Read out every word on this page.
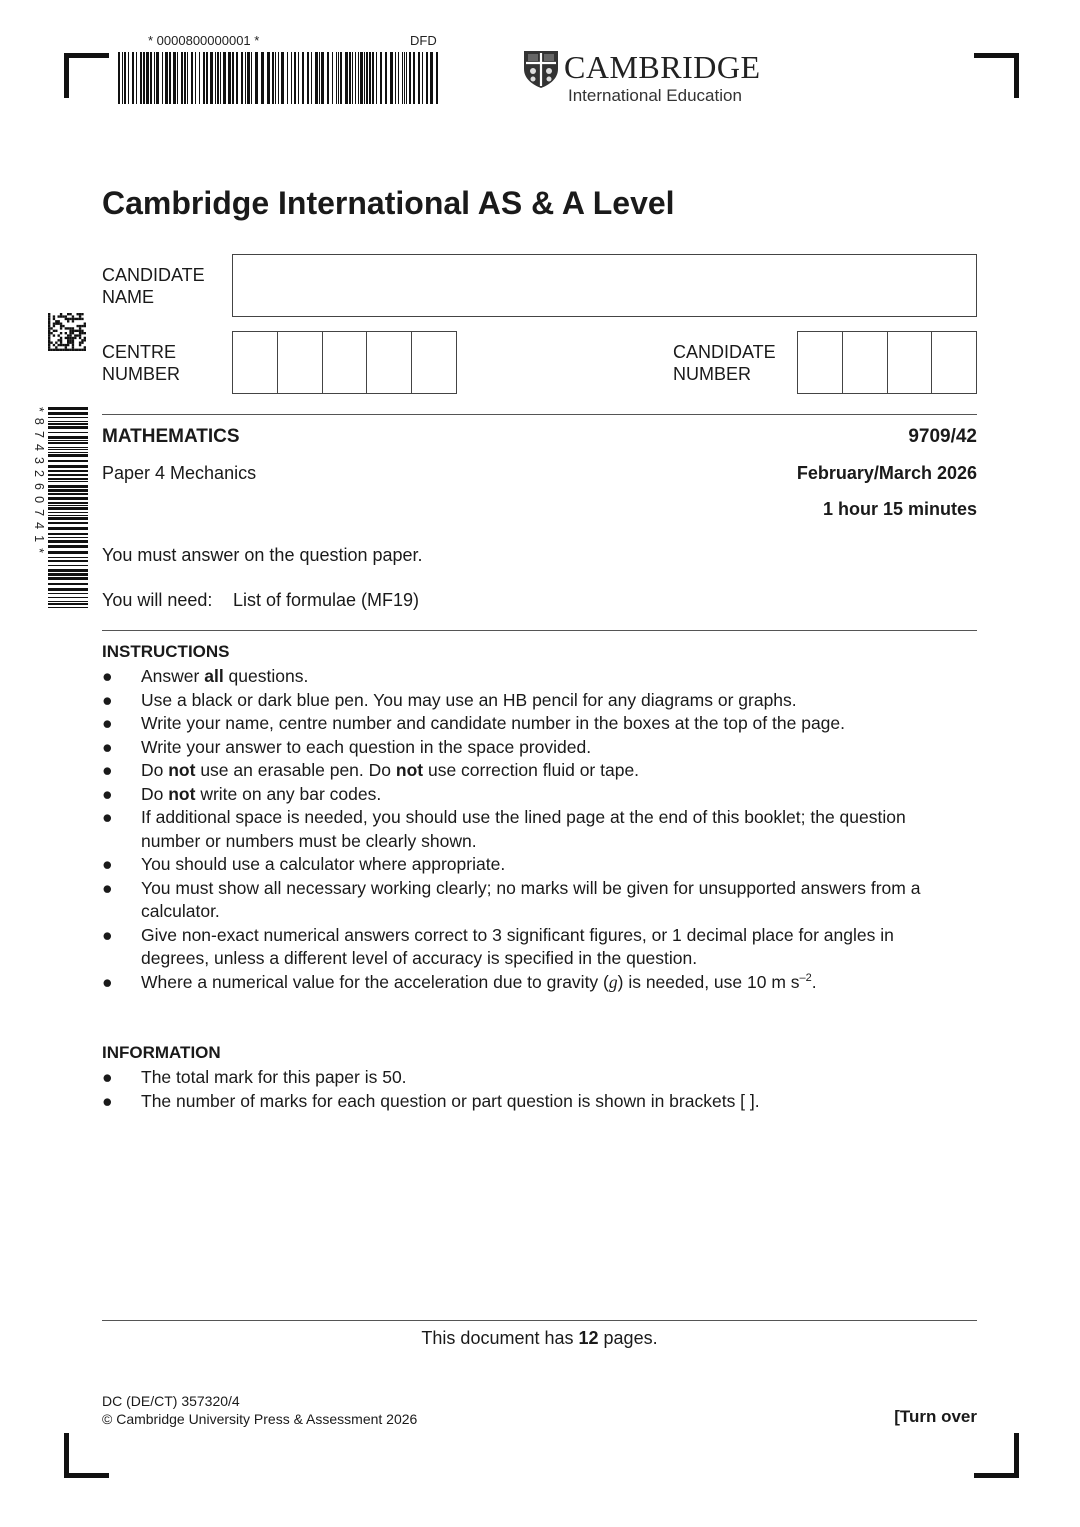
* 0000800000001 *	DFD
* 8 7 4 3 2 6 0 7 4 1 *
CAMBRIDGE
International Education
Cambridge International AS & A Level
CANDIDATE
NAME
CENTRE
NUMBER
CANDIDATE
NUMBER
MATHEMATICS	9709/42
Paper 4 Mechanics	February/March 2026
1 hour 15 minutes
You must answer on the question paper.
You will need: List of formulae (MF19)
INSTRUCTIONS
● Answer all questions.
● Use a black or dark blue pen. You may use an HB pencil for any diagrams or graphs.
● Write your name, centre number and candidate number in the boxes at the top of the page.
● Write your answer to each question in the space provided.
● Do not use an erasable pen. Do not use correction fluid or tape.
● Do not write on any bar codes.
● If additional space is needed, you should use the lined page at the end of this booklet; the question number or numbers must be clearly shown.
● You should use a calculator where appropriate.
● You must show all necessary working clearly; no marks will be given for unsupported answers from a calculator.
● Give non-exact numerical answers correct to 3 significant figures, or 1 decimal place for angles in degrees, unless a different level of accuracy is specified in the question.
● Where a numerical value for the acceleration due to gravity (g) is needed, use 10 m $s^{-2}$.
INFORMATION
● The total mark for this paper is 50.
● The number of marks for each question or part question is shown in brackets [ ].
This document has 12 pages.
DC (DE/CT) 357320/4
© Cambridge University Press & Assessment 2026	[Turn over
